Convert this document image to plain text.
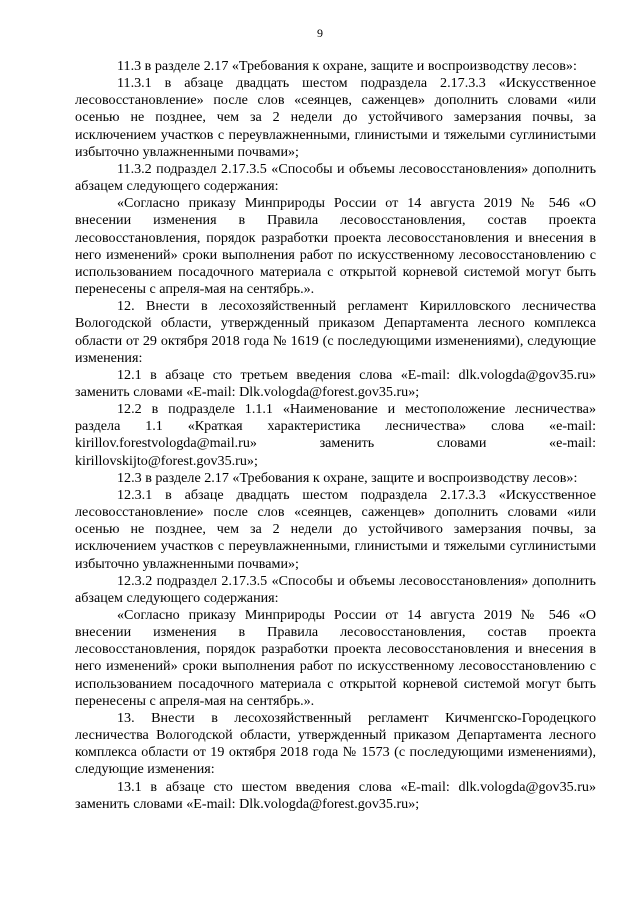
9

11.3 в разделе 2.17 «Требования к охране, защите и воспроизводству лесов»:

11.3.1 в абзаце двадцать шестом подраздела 2.17.3.3 «Искусственное лесовосстановление» после слов «сеянцев, саженцев» дополнить словами «или осенью не позднее, чем за 2 недели до устойчивого замерзания почвы, за исключением участков с переувлажненными, глинистыми и тяжелыми суглинистыми избыточно увлажненными почвами»;

11.3.2 подраздел 2.17.3.5 «Способы и объемы лесовосстановления» дополнить абзацем следующего содержания:

«Согласно приказу Минприроды России от 14 августа 2019 № 546 «О внесении изменения в Правила лесовосстановления, состав проекта лесовосстановления, порядок разработки проекта лесовосстановления и внесения в него изменений» сроки выполнения работ по искусственному лесовосстановлению с использованием посадочного материала с открытой корневой системой могут быть перенесены с апреля-мая на сентябрь.».

12. Внести в лесохозяйственный регламент Кирилловского лесничества Вологодской области, утвержденный приказом Департамента лесного комплекса области от 29 октября 2018 года № 1619 (с последующими изменениями), следующие изменения:

12.1 в абзаце сто третьем введения слова «E-mail: dlk.vologda@gov35.ru» заменить словами «E-mail: Dlk.vologda@forest.gov35.ru»;

12.2 в подразделе 1.1.1 «Наименование и местоположение лесничества» раздела 1.1 «Краткая характеристика лесничества» слова «e-mail: kirillov.forestvologda@mail.ru» заменить словами «e-mail: kirillovskijto@forest.gov35.ru»;

12.3 в разделе 2.17 «Требования к охране, защите и воспроизводству лесов»:

12.3.1 в абзаце двадцать шестом подраздела 2.17.3.3 «Искусственное лесовосстановление» после слов «сеянцев, саженцев» дополнить словами «или осенью не позднее, чем за 2 недели до устойчивого замерзания почвы, за исключением участков с переувлажненными, глинистыми и тяжелыми суглинистыми избыточно увлажненными почвами»;

12.3.2 подраздел 2.17.3.5 «Способы и объемы лесовосстановления» дополнить абзацем следующего содержания:

«Согласно приказу Минприроды России от 14 августа 2019 № 546 «О внесении изменения в Правила лесовосстановления, состав проекта лесовосстановления, порядок разработки проекта лесовосстановления и внесения в него изменений» сроки выполнения работ по искусственному лесовосстановлению с использованием посадочного материала с открытой корневой системой могут быть перенесены с апреля-мая на сентябрь.».

13. Внести в лесохозяйственный регламент Кичменгско-Городецкого лесничества Вологодской области, утвержденный приказом Департамента лесного комплекса области от 19 октября 2018 года № 1573 (с последующими изменениями), следующие изменения:

13.1 в абзаце сто шестом введения слова «E-mail: dlk.vologda@gov35.ru» заменить словами «E-mail: Dlk.vologda@forest.gov35.ru»;
